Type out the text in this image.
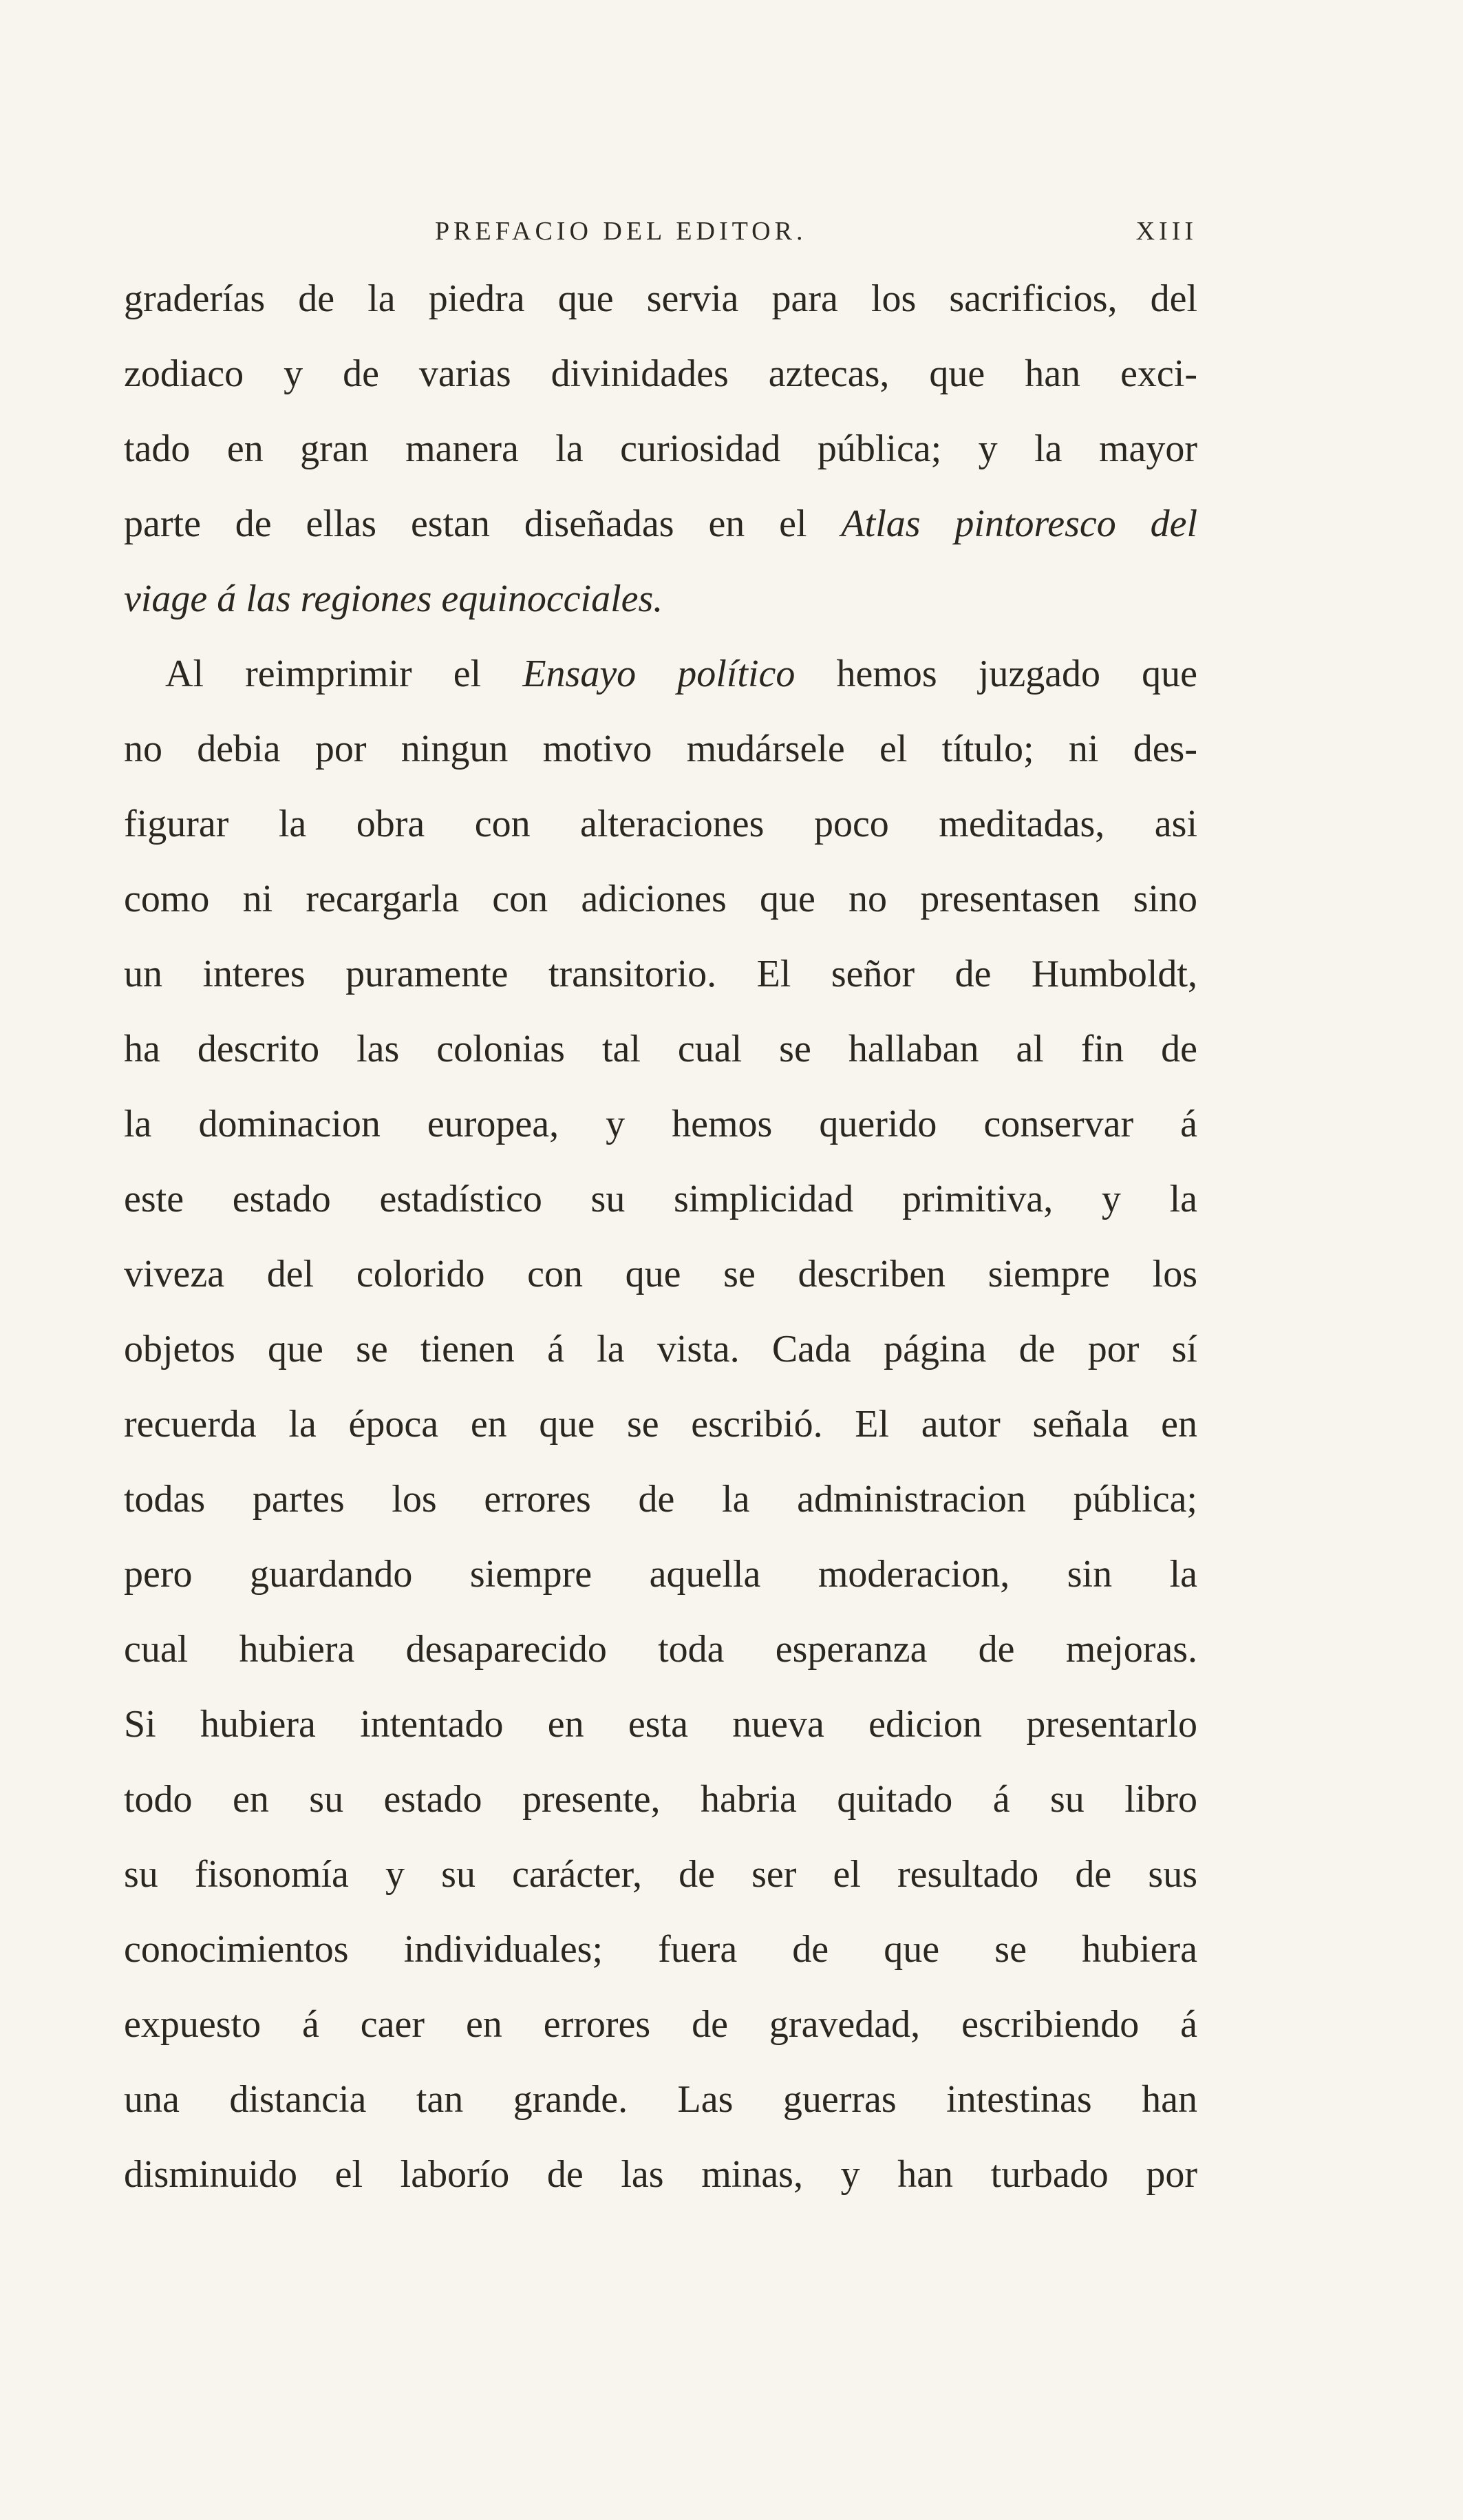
PREFACIO DEL EDITOR.	XIII
graderías de la piedra que servia para los sacrificios, del
zodiaco y de varias divinidades aztecas, que han exci-
tado en gran manera la curiosidad pública; y la mayor
parte de ellas estan diseñadas en el Atlas pintoresco del
viage á las regiones equinocciales.
Al reimprimir el Ensayo político hemos juzgado que
no debia por ningun motivo mudársele el título; ni des-
figurar la obra con alteraciones poco meditadas, asi
como ni recargarla con adiciones que no presentasen sino
un interes puramente transitorio. El señor de Humboldt,
ha descrito las colonias tal cual se hallaban al fin de
la dominacion europea, y hemos querido conservar á
este estado estadístico su simplicidad primitiva, y la
viveza del colorido con que se describen siempre los
objetos que se tienen á la vista. Cada página de por sí
recuerda la época en que se escribió. El autor señala en
todas partes los errores de la administracion pública;
pero guardando siempre aquella moderacion, sin la
cual hubiera desaparecido toda esperanza de mejoras.
Si hubiera intentado en esta nueva edicion presentarlo
todo en su estado presente, habria quitado á su libro
su fisonomía y su carácter, de ser el resultado de sus
conocimientos individuales; fuera de que se hubiera
expuesto á caer en errores de gravedad, escribiendo á
una distancia tan grande. Las guerras intestinas han
disminuido el laborío de las minas, y han turbado por
